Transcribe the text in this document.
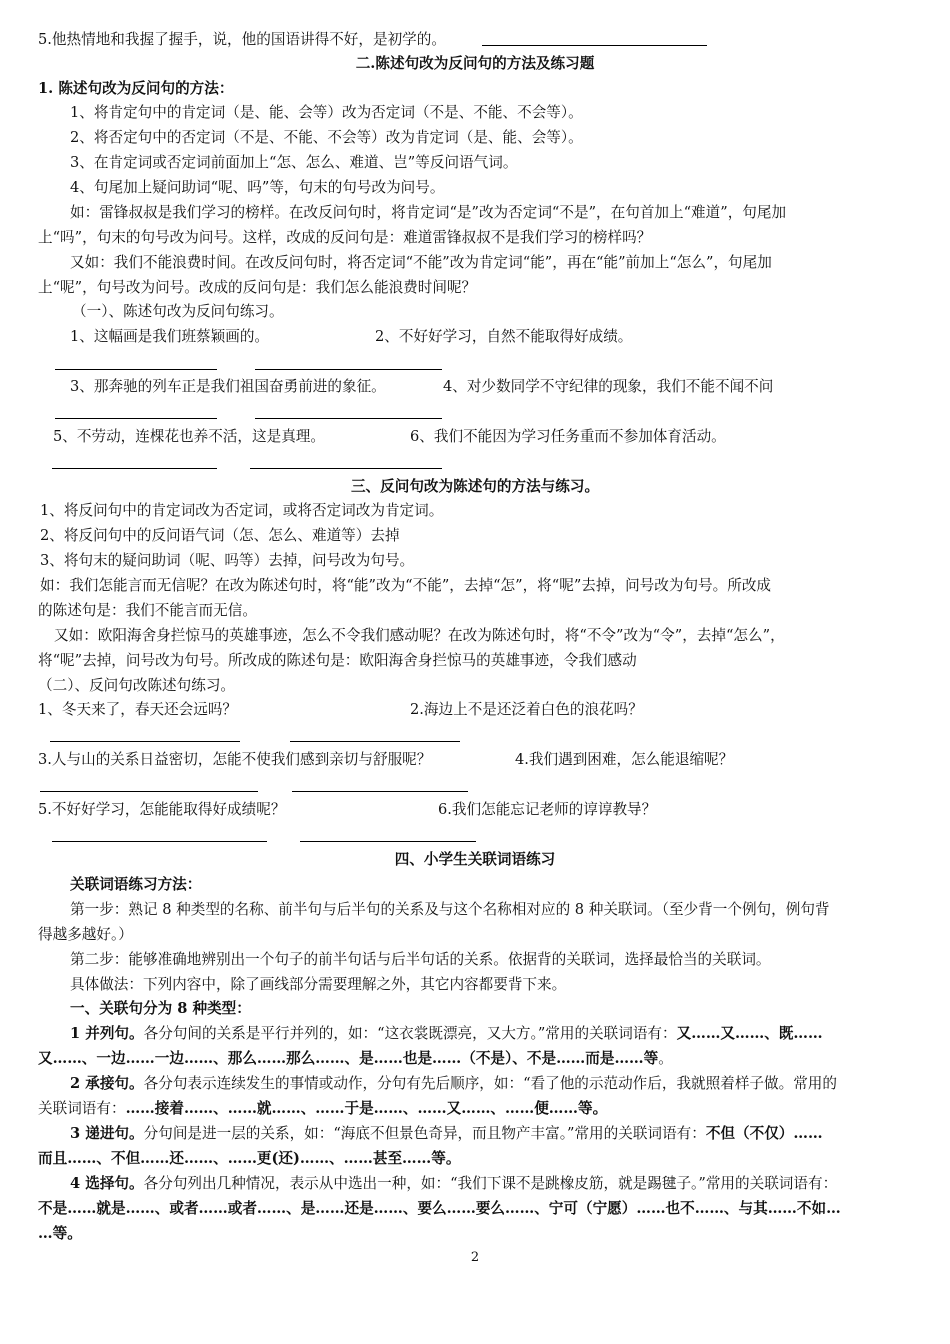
5.他热情地和我握了握手，说，他的国语讲得不好，是初学的。
二.陈述句改为反问句的方法及练习题
1. 陈述句改为反问句的方法：
1、将肯定句中的肯定词（是、能、会等）改为否定词（不是、不能、不会等）。
2、将否定句中的否定词（不是、不能、不会等）改为肯定词（是、能、会等）。
3、在肯定词或否定词前面加上“怎、怎么、难道、岂”等反问语气词。
4、句尾加上疑问助词“呢、吗”等，句末的句号改为问号。
如：雷锋叔叔是我们学习的榜样。在改反问句时，将肯定词“是”改为否定词“不是”，在句首加上“难道”，句尾加
上“吗”，句末的句号改为问号。这样，改成的反问句是：难道雷锋叔叔不是我们学习的榜样吗？
又如：我们不能浪费时间。在改反问句时，将否定词“不能”改为肯定词“能”，再在“能”前加上“怎么”，句尾加
上“呢”，句号改为问号。改成的反问句是：我们怎么能浪费时间呢？
（一）、陈述句改为反问句练习。
1、这幅画是我们班蔡颖画的。	2、不好好学习，自然不能取得好成绩。
3、那奔驰的列车正是我们祖国奋勇前进的象征。	4、对少数同学不守纪律的现象，我们不能不闻不问
5、不劳动，连棵花也养不活，这是真理。	6、我们不能因为学习任务重而不参加体育活动。
三、反问句改为陈述句的方法与练习。
1、将反问句中的肯定词改为否定词，或将否定词改为肯定词。
2、将反问句中的反问语气词（怎、怎么、难道等）去掉
3、将句末的疑问助词（呢、吗等）去掉，问号改为句号。
如：我们怎能言而无信呢？在改为陈述句时，将“能”改为“不能”，去掉“怎”，将“呢”去掉，问号改为句号。所改成
的陈述句是：我们不能言而无信。
又如：欧阳海舍身拦惊马的英雄事迹，怎么不令我们感动呢？在改为陈述句时，将“不令”改为“令”，去掉“怎么”，
将“呢”去掉，问号改为句号。所改成的陈述句是：欧阳海舍身拦惊马的英雄事迹，令我们感动
（二）、反问句改陈述句练习。
1、冬天来了，春天还会远吗？	2.海边上不是还泛着白色的浪花吗？
3.人与山的关系日益密切，怎能不使我们感到亲切与舒服呢？	4.我们遇到困难，怎么能退缩呢？
5.不好好学习，怎能能取得好成绩呢？	6.我们怎能忘记老师的谆谆教导？
四、小学生关联词语练习
关联词语练习方法：
第一步：熟记 8 种类型的名称、前半句与后半句的关系及与这个名称相对应的 8 种关联词。（至少背一个例句，例句背
得越多越好。）
第二步：能够准确地辨别出一个句子的前半句话与后半句话的关系。依据背的关联词，选择最恰当的关联词。
具体做法：下列内容中，除了画线部分需要理解之外，其它内容都要背下来。
一、关联句分为 8 种类型：
1 并列句。各分句间的关系是平行并列的，如：“这衣裳既漂亮，又大方。”常用的关联词语有：又……又……、既……
又……、一边……一边……、那么……那么……、是……也是……（不是）、不是……而是……等。
2 承接句。各分句表示连续发生的事情或动作，分句有先后顺序，如：“看了他的示范动作后，我就照着样子做。常用的
关联词语有：……接着……、……就……、……于是……、……又……、……便……等。
3 递进句。分句间是进一层的关系，如：“海底不但景色奇异，而且物产丰富。”常用的关联词语有：不但（不仅）……
而且……、不但……还……、……更(还)……、……甚至……等。
4 选择句。各分句列出几种情况，表示从中选出一种，如：“我们下课不是跳橡皮筋，就是踢毽子。”常用的关联词语有：
不是……就是……、或者……或者……、是……还是……、要么……要么……、宁可（宁愿）……也不……、与其……不如…
…等。
2
